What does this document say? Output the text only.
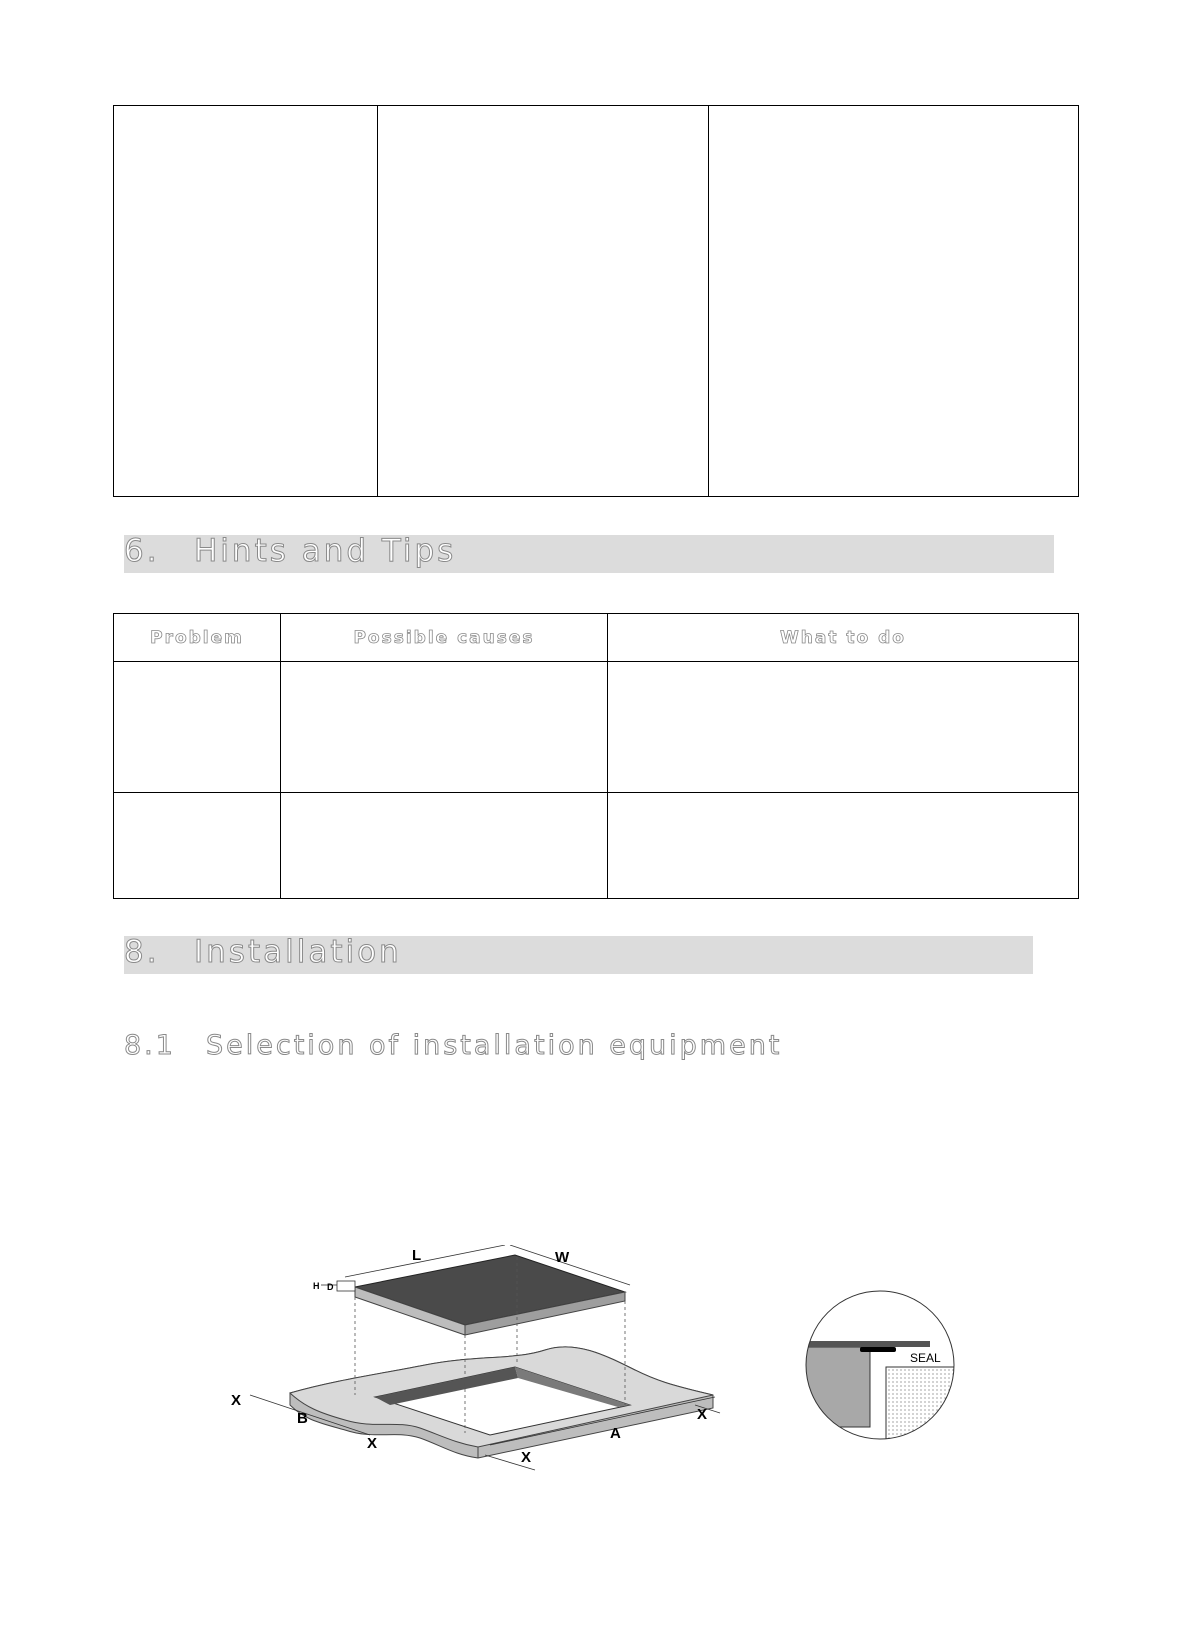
6. Hints and Tips
Problem	Possible causes	What to do

8. Installation
8.1 Selection of installation equipment
L	W
H D
X
B
X
X
A
X
SEAL
